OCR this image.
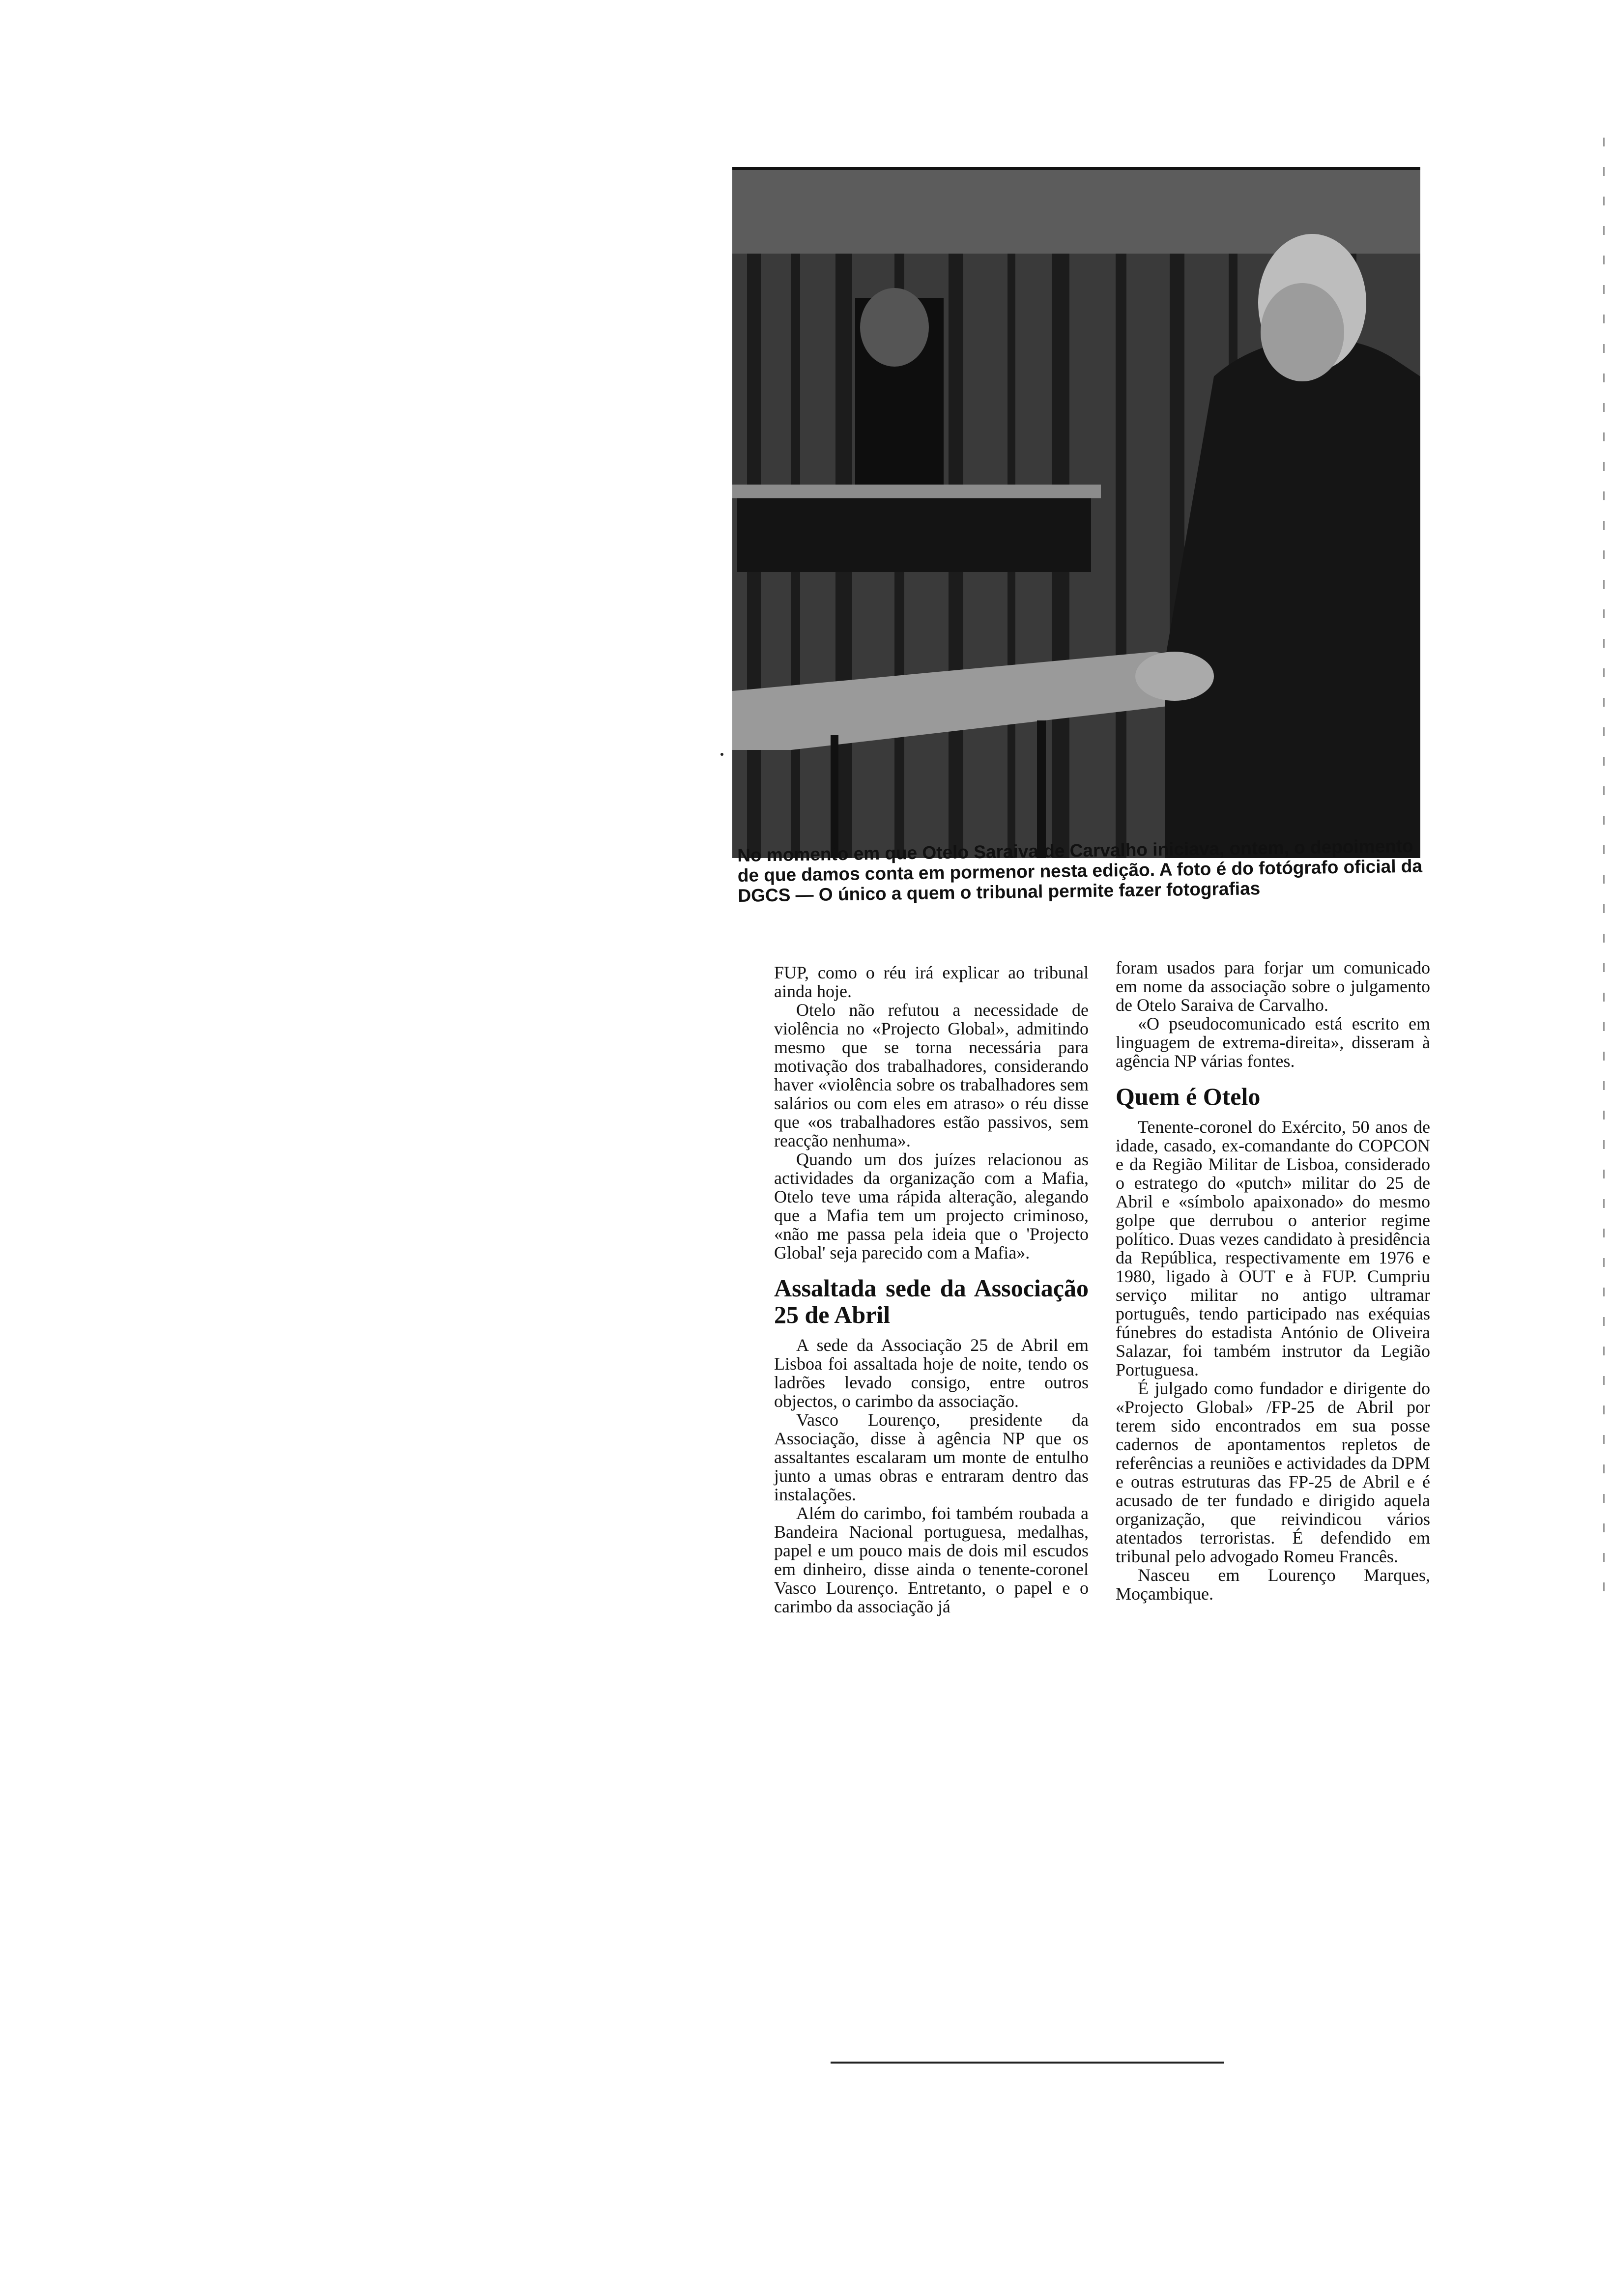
No momento em que Otelo Saraiva de Carvalho iniciava, ontem, o depoimento de que damos conta em pormenor nesta edição. A foto é do fotógrafo oficial da DGCS — O único a quem o tribunal permite fazer fotografias

FUP, como o réu irá explicar ao tribunal ainda hoje.

Otelo não refutou a necessidade de violência no «Projecto Global», admitindo mesmo que se torna necessária para motivação dos trabalhadores, considerando haver «violência sobre os trabalhadores sem salários ou com eles em atraso» o réu disse que «os trabalhadores estão passivos, sem reacção nenhuma».

Quando um dos juízes relacionou as actividades da organização com a Mafia, Otelo teve uma rápida alteração, alegando que a Mafia tem um projecto criminoso, «não me passa pela ideia que o 'Projecto Global' seja parecido com a Mafia».

Assaltada sede da Associação 25 de Abril

A sede da Associação 25 de Abril em Lisboa foi assaltada hoje de noite, tendo os ladrões levado consigo, entre outros objectos, o carimbo da associação.

Vasco Lourenço, presidente da Associação, disse à agência NP que os assaltantes escalaram um monte de entulho junto a umas obras e entraram dentro das instalações.

Além do carimbo, foi também roubada a Bandeira Nacional portuguesa, medalhas, papel e um pouco mais de dois mil escudos em dinheiro, disse ainda o tenente-coronel Vasco Lourenço. Entretanto, o papel e o carimbo da associação já

foram usados para forjar um comunicado em nome da associação sobre o julgamento de Otelo Saraiva de Carvalho.

«O pseudocomunicado está escrito em linguagem de extrema-direita», disseram à agência NP várias fontes.

Quem é Otelo

Tenente-coronel do Exército, 50 anos de idade, casado, ex-comandante do COPCON e da Região Militar de Lisboa, considerado o estratego do «putch» militar do 25 de Abril e «símbolo apaixonado» do mesmo golpe que derrubou o anterior regime político. Duas vezes candidato à presidência da República, respectivamente em 1976 e 1980, ligado à OUT e à FUP. Cumpriu serviço militar no antigo ultramar português, tendo participado nas exéquias fúnebres do estadista António de Oliveira Salazar, foi também instrutor da Legião Portuguesa.

É julgado como fundador e dirigente do «Projecto Global» /FP-25 de Abril por terem sido encontrados em sua posse cadernos de apontamentos repletos de referências a reuniões e actividades da DPM e outras estruturas das FP-25 de Abril e é acusado de ter fundado e dirigido aquela organização, que reivindicou vários atentados terroristas. É defendido em tribunal pelo advogado Romeu Francês.

Nasceu em Lourenço Marques, Moçambique.
